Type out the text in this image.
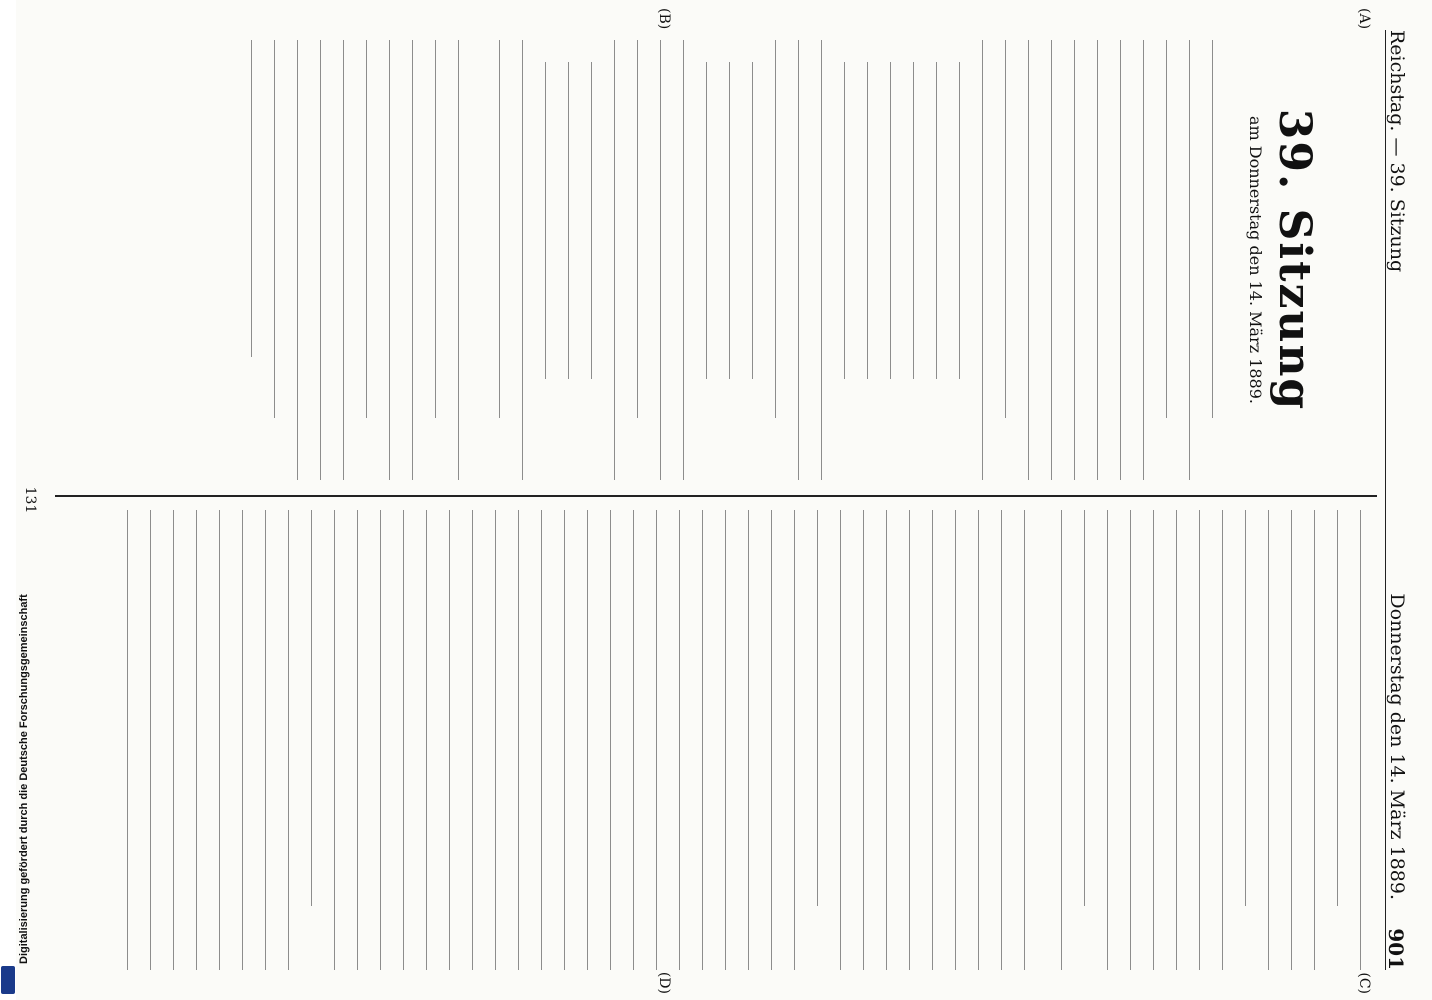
Reichstag. — 39. Sitzung
901
Donnerstag den 14. März 1889.
(A)
(B)
(C)
(D)
39. Sitzung
am Donnerstag den 14. März 1889.
131
Digitalisierung gefördert durch die Deutsche Forschungsgemeinschaft
